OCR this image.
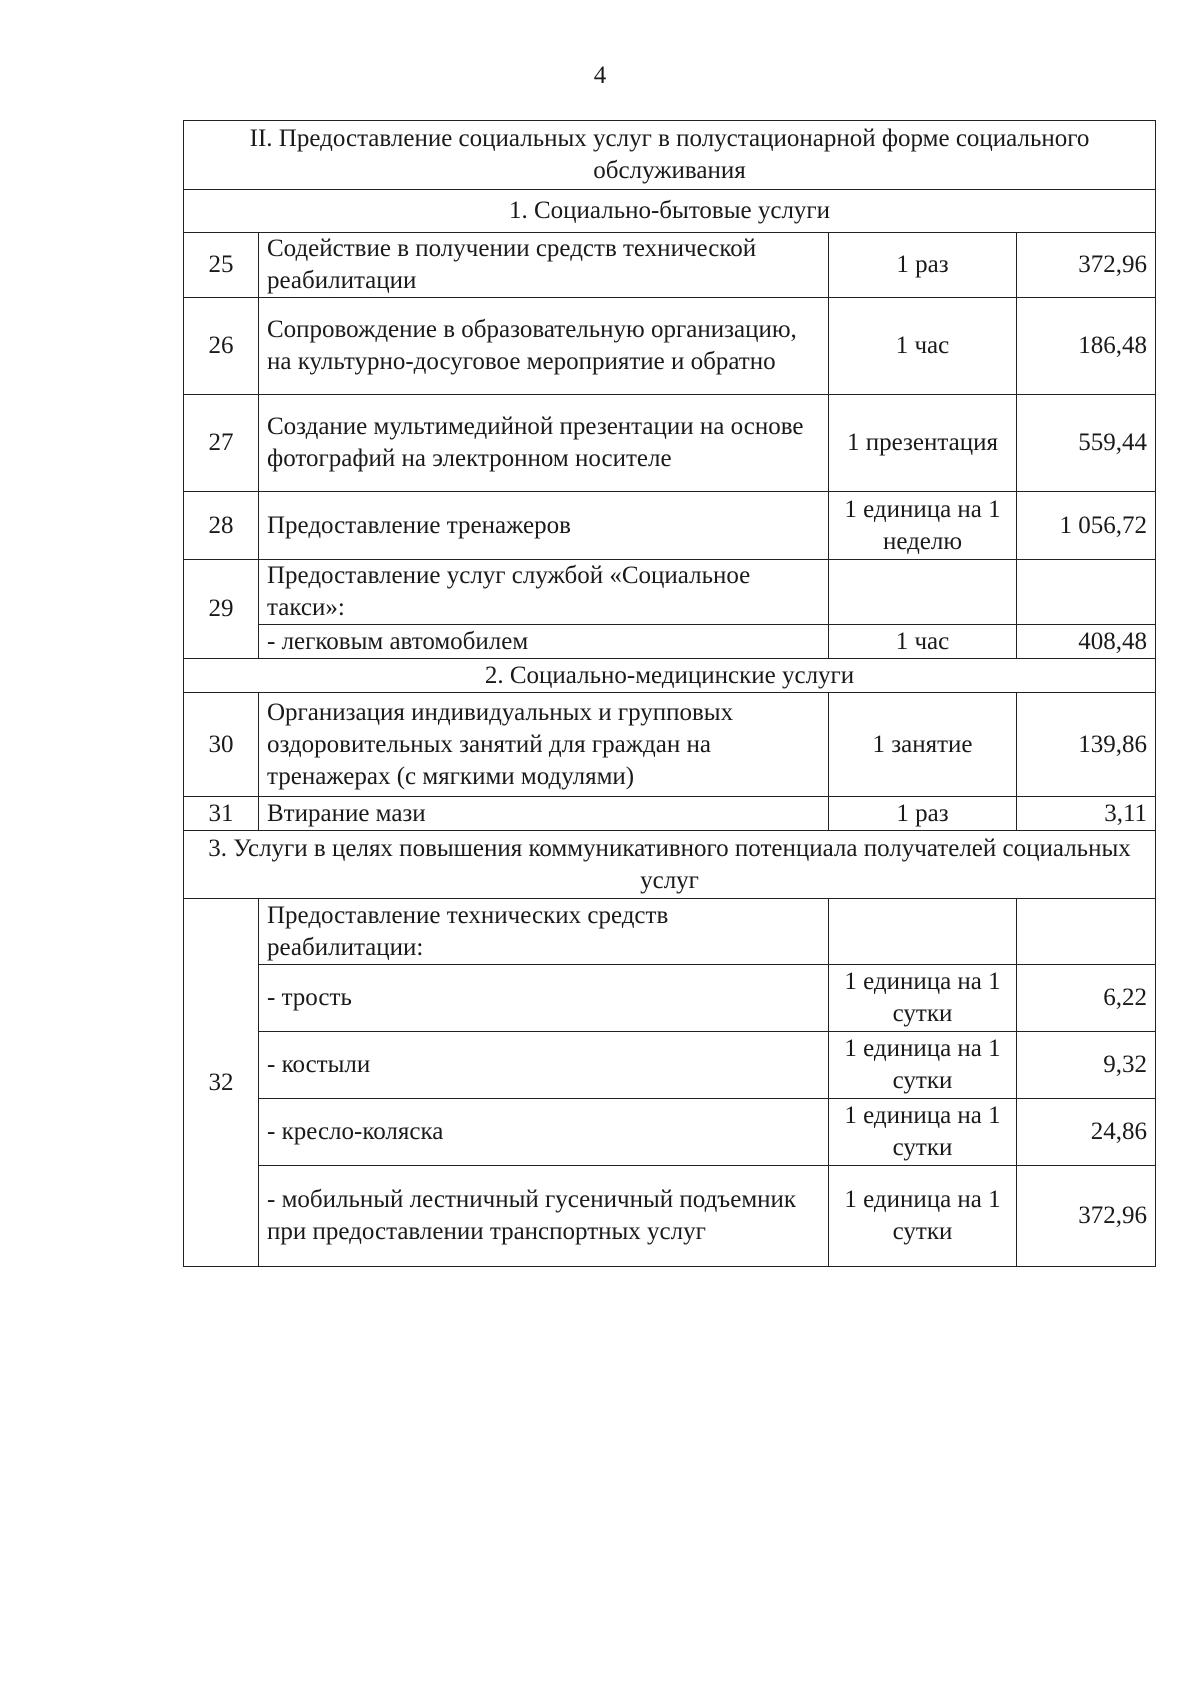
4
II. Предоставление социальных услуг в полустационарной форме социального обслуживания			
1. Социально-бытовые услуги			
25	Содействие в получении средств технической реабилитации	1 раз	372,96
26	Сопровождение в образовательную организацию, на культурно-досуговое мероприятие и обратно	1 час	186,48
27	Создание мультимедийной презентации на основе фотографий на электронном носителе	1 презентация	559,44
28	Предоставление тренажеров	1 единица на 1 неделю	1 056,72
29	Предоставление услуг службой «Социальное такси»:		
	- легковым автомобилем	1 час	408,48
2. Социально-медицинские услуги			
30	Организация индивидуальных и групповых оздоровительных занятий для граждан на тренажерах (с мягкими модулями)	1 занятие	139,86
31	Втирание мази	1 раз	3,11
3. Услуги в целях повышения коммуникативного потенциала получателей социальных услуг			
32	Предоставление технических средств реабилитации:		
	- трость	1 единица на 1 сутки	6,22
	- костыли	1 единица на 1 сутки	9,32
	- кресло-коляска	1 единица на 1 сутки	24,86
	- мобильный лестничный гусеничный подъемник при предоставлении транспортных услуг	1 единица на 1 сутки	372,96
